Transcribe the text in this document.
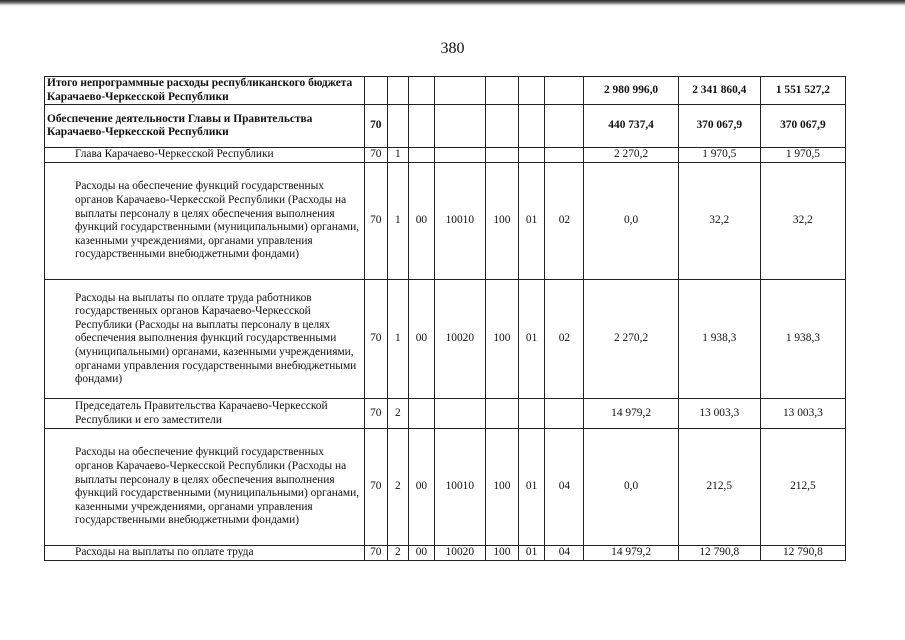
380
Итого непрограммные расходы республиканского бюджета Карачаево-Черкесской Республики								2 980 996,0	2 341 860,4	1 551 527,2
Обеспечение деятельности Главы и Правительства Карачаево-Черкесской Республики	70							440 737,4	370 067,9	370 067,9
Глава Карачаево-Черкесской Республики	70	1						2 270,2	1 970,5	1 970,5
Расходы на обеспечение функций государственных органов Карачаево-Черкесской Республики (Расходы на выплаты персоналу в целях обеспечения выполнения функций государственными (муниципальными) органами, казенными учреждениями, органами управления государственными внебюджетными фондами)	70	1	00	10010	100	01	02	0,0	32,2	32,2
Расходы на выплаты по оплате труда работников государственных органов Карачаево-Черкесской Республики (Расходы на выплаты персоналу в целях обеспечения выполнения функций государственными (муниципальными) органами, казенными учреждениями, органами управления государственными внебюджетными фондами)	70	1	00	10020	100	01	02	2 270,2	1 938,3	1 938,3
Председатель Правительства Карачаево-Черкесской Республики и его заместители	70	2						14 979,2	13 003,3	13 003,3
Расходы на обеспечение функций государственных органов Карачаево-Черкесской Республики (Расходы на выплаты персоналу в целях обеспечения выполнения функций государственными (муниципальными) органами, казенными учреждениями, органами управления государственными внебюджетными фондами)	70	2	00	10010	100	01	04	0,0	212,5	212,5
Расходы на выплаты по оплате труда	70	2	00	10020	100	01	04	14 979,2	12 790,8	12 790,8
